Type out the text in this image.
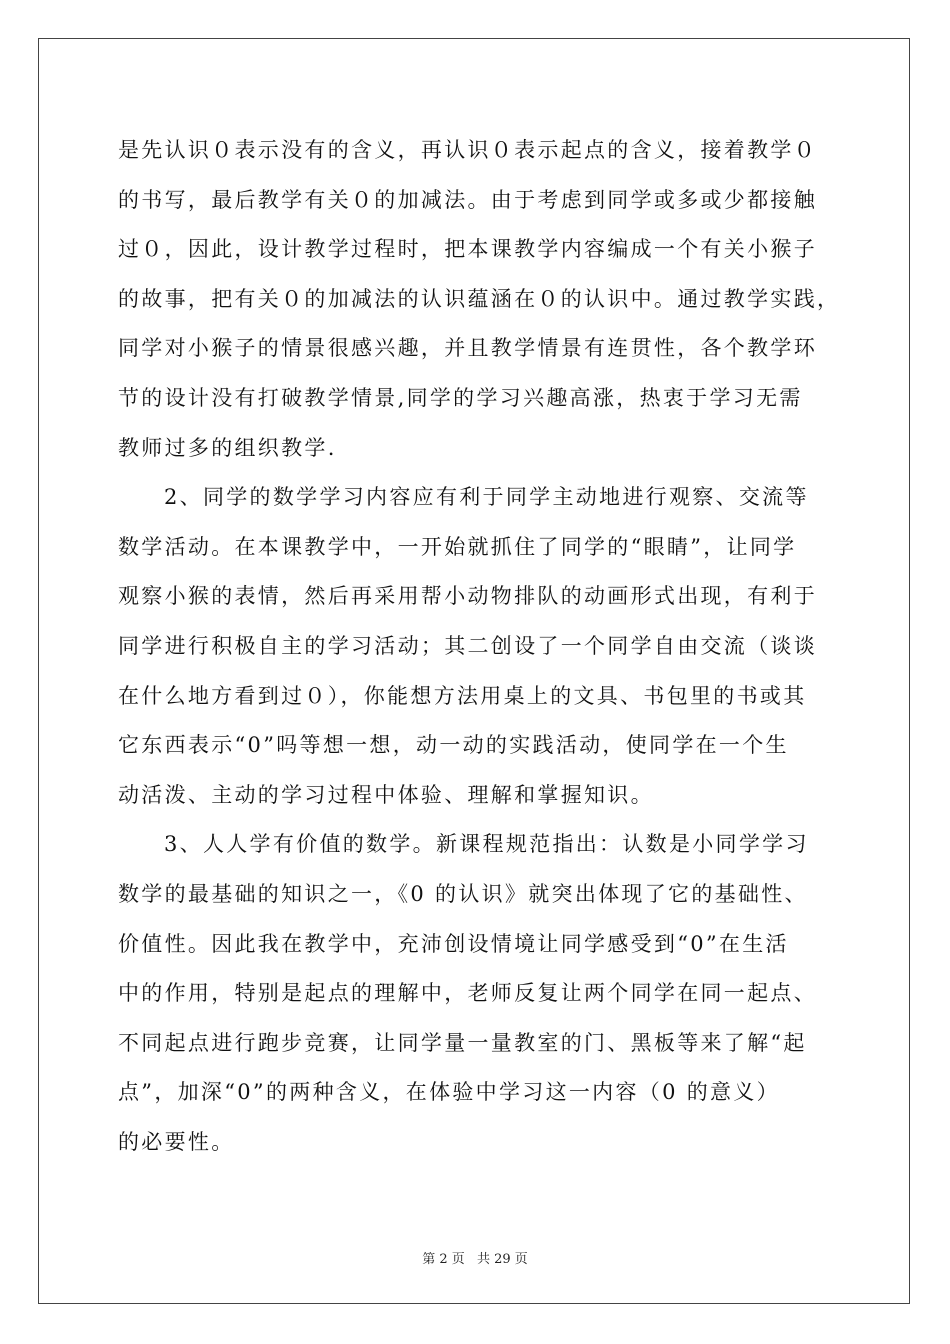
是先认识０表示没有的含义，再认识０表示起点的含义，接着教学０
的书写，最后教学有关０的加减法。由于考虑到同学或多或少都接触
过０，因此，设计教学过程时，把本课教学内容编成一个有关小猴子
的故事，把有关０的加减法的认识蕴涵在０的认识中。通过教学实践，
同学对小猴子的情景很感兴趣，并且教学情景有连贯性，各个教学环
节的设计没有打破教学情景,同学的学习兴趣高涨，热衷于学习无需
教师过多的组织教学.
2、同学的数学学习内容应有利于同学主动地进行观察、交流等
数学活动。在本课教学中，一开始就抓住了同学的“眼睛”，让同学
观察小猴的表情，然后再采用帮小动物排队的动画形式出现，有利于
同学进行积极自主的学习活动；其二创设了一个同学自由交流（谈谈
在什么地方看到过０），你能想方法用桌上的文具、书包里的书或其
它东西表示“0”吗等想一想，动一动的实践活动，使同学在一个生
动活泼、主动的学习过程中体验、理解和掌握知识。
3、人人学有价值的数学。新课程规范指出：认数是小同学学习
数学的最基础的知识之一，《0 的认识》就突出体现了它的基础性、
价值性。因此我在教学中，充沛创设情境让同学感受到“0”在生活
中的作用，特别是起点的理解中，老师反复让两个同学在同一起点、
不同起点进行跑步竞赛，让同学量一量教室的门、黑板等来了解“起
点”，加深“0”的两种含义，在体验中学习这一内容（0 的意义）
的必要性。
第 2 页 共 29 页
